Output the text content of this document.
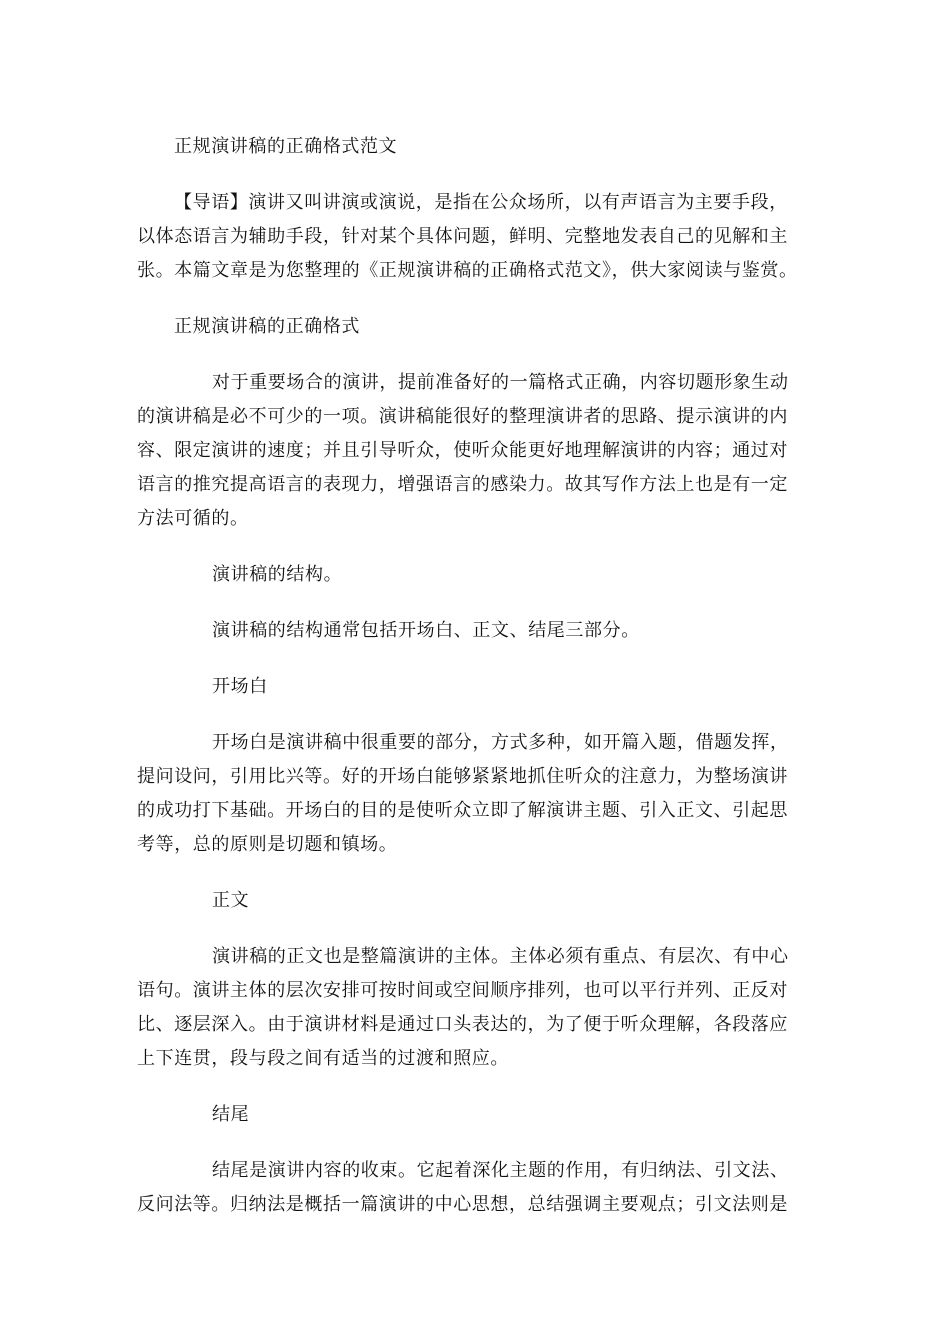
正规演讲稿的正确格式范文

【导语】演讲又叫讲演或演说，是指在公众场所，以有声语言为主要手段，

以体态语言为辅助手段，针对某个具体问题，鲜明、完整地发表自己的见解和主

张。本篇文章是为您整理的《正规演讲稿的正确格式范文》，供大家阅读与鉴赏。

正规演讲稿的正确格式

对于重要场合的演讲，提前准备好的一篇格式正确，内容切题形象生动

的演讲稿是必不可少的一项。演讲稿能很好的整理演讲者的思路、提示演讲的内

容、限定演讲的速度；并且引导听众，使听众能更好地理解演讲的内容；通过对

语言的推究提高语言的表现力，增强语言的感染力。故其写作方法上也是有一定

方法可循的。

演讲稿的结构。

演讲稿的结构通常包括开场白、正文、结尾三部分。

开场白

开场白是演讲稿中很重要的部分，方式多种，如开篇入题，借题发挥，

提问设问，引用比兴等。好的开场白能够紧紧地抓住听众的注意力，为整场演讲

的成功打下基础。开场白的目的是使听众立即了解演讲主题、引入正文、引起思

考等，总的原则是切题和镇场。

正文

演讲稿的正文也是整篇演讲的主体。主体必须有重点、有层次、有中心

语句。演讲主体的层次安排可按时间或空间顺序排列，也可以平行并列、正反对

比、逐层深入。由于演讲材料是通过口头表达的，为了便于听众理解，各段落应

上下连贯，段与段之间有适当的过渡和照应。

结尾

结尾是演讲内容的收束。它起着深化主题的作用，有归纳法、引文法、

反问法等。归纳法是概括一篇演讲的中心思想，总结强调主要观点；引文法则是
